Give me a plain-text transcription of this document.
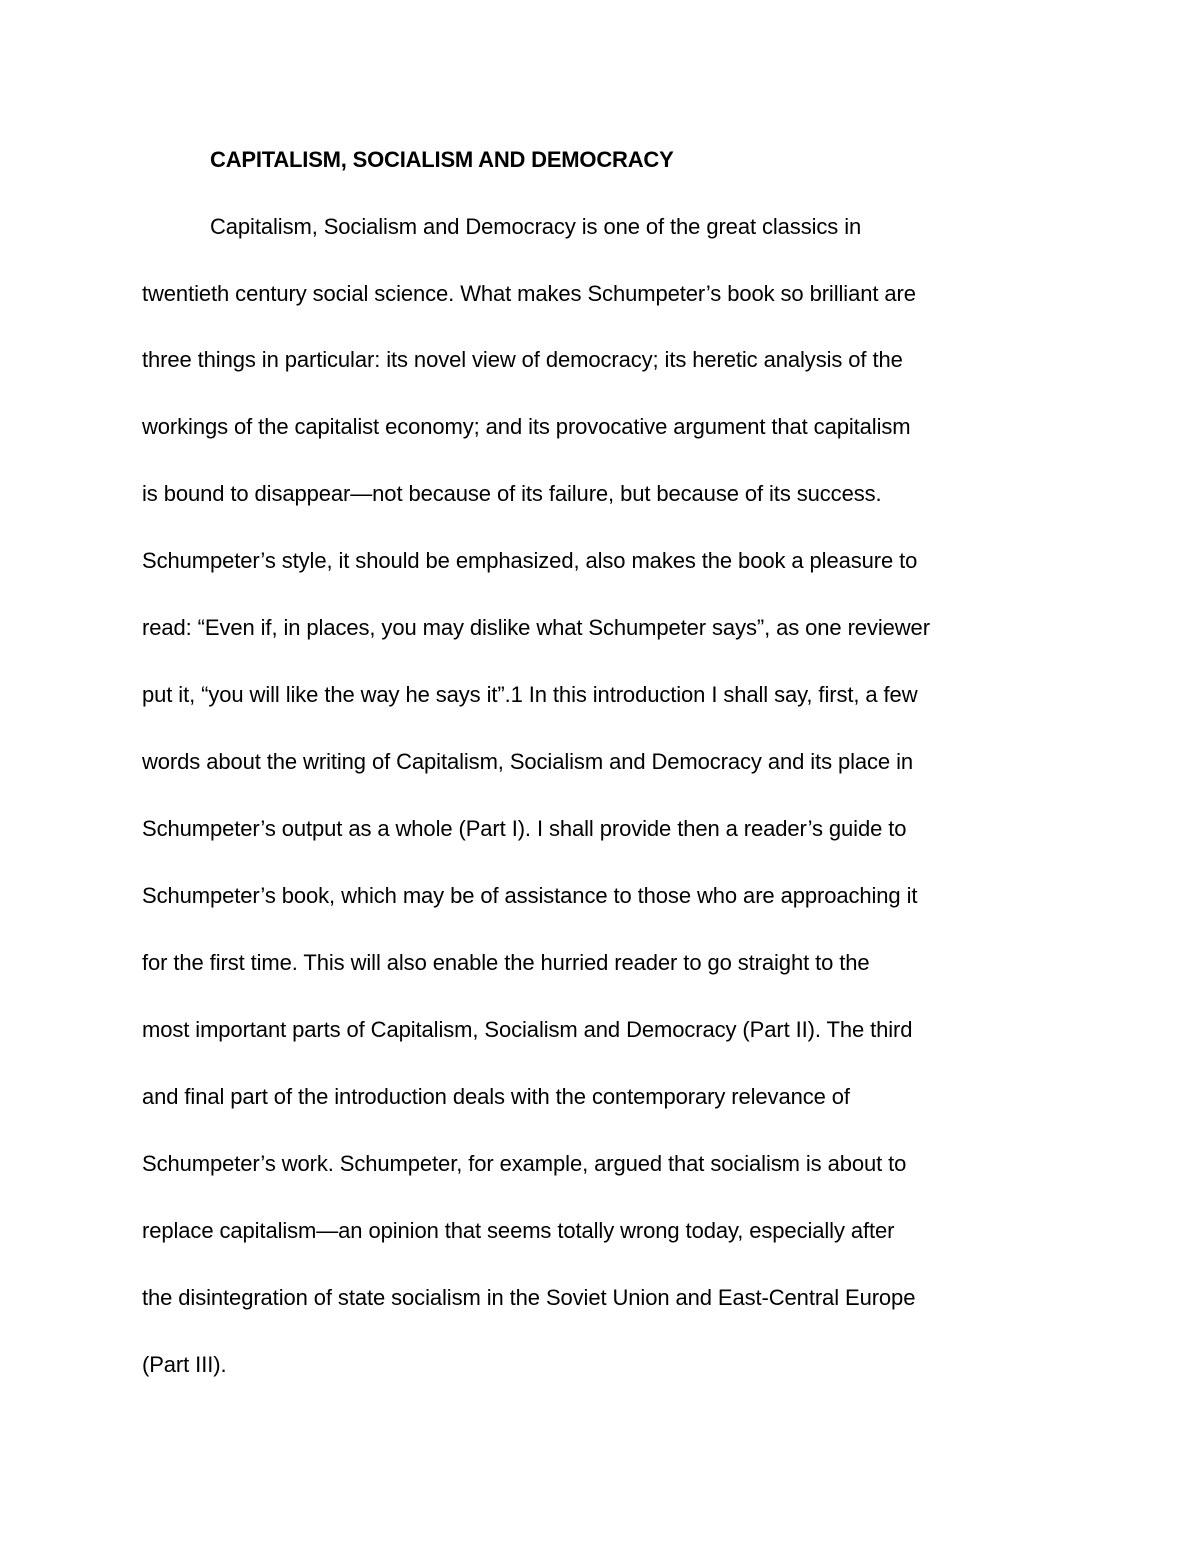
CAPITALISM, SOCIALISM AND DEMOCRACY

Capitalism, Socialism and Democracy is one of the great classics in

twentieth century social science. What makes Schumpeter’s book so brilliant are

three things in particular: its novel view of democracy; its heretic analysis of the

workings of the capitalist economy; and its provocative argument that capitalism

is bound to disappear—not because of its failure, but because of its success.

Schumpeter’s style, it should be emphasized, also makes the book a pleasure to

read: “Even if, in places, you may dislike what Schumpeter says”, as one reviewer

put it, “you will like the way he says it”.1 In this introduction I shall say, first, a few

words about the writing of Capitalism, Socialism and Democracy and its place in

Schumpeter’s output as a whole (Part I). I shall provide then a reader’s guide to

Schumpeter’s book, which may be of assistance to those who are approaching it

for the first time. This will also enable the hurried reader to go straight to the

most important parts of Capitalism, Socialism and Democracy (Part II). The third

and final part of the introduction deals with the contemporary relevance of

Schumpeter’s work. Schumpeter, for example, argued that socialism is about to

replace capitalism—an opinion that seems totally wrong today, especially after

the disintegration of state socialism in the Soviet Union and East-Central Europe

(Part III).
